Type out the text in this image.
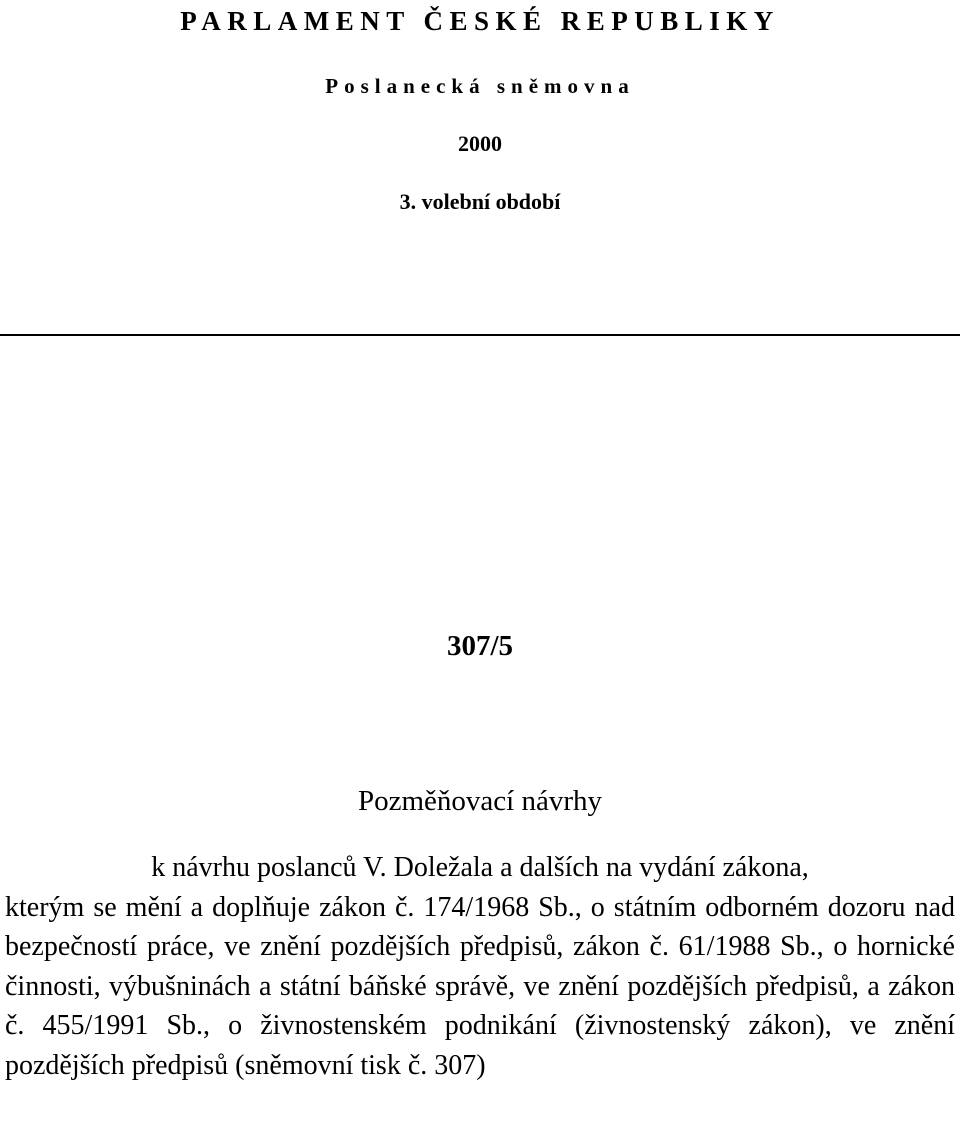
PARLAMENT ČESKÉ REPUBLIKY
Poslanecká sněmovna
2000
3. volební období
307/5
Pozměňovací návrhy
k návrhu poslanců V. Doležala a dalších na vydání zákona,
kterým se mění a doplňuje zákon č. 174/1968 Sb., o státním odborném dozoru nad bezpečností práce, ve znění pozdějších předpisů, zákon č. 61/1988 Sb., o hornické činnosti, výbušninách a státní báňské správě, ve znění pozdějších předpisů, a zákon č. 455/1991 Sb., o živnostenském podnikání (živnostenský zákon), ve znění pozdějších předpisů (sněmovní tisk č. 307)
